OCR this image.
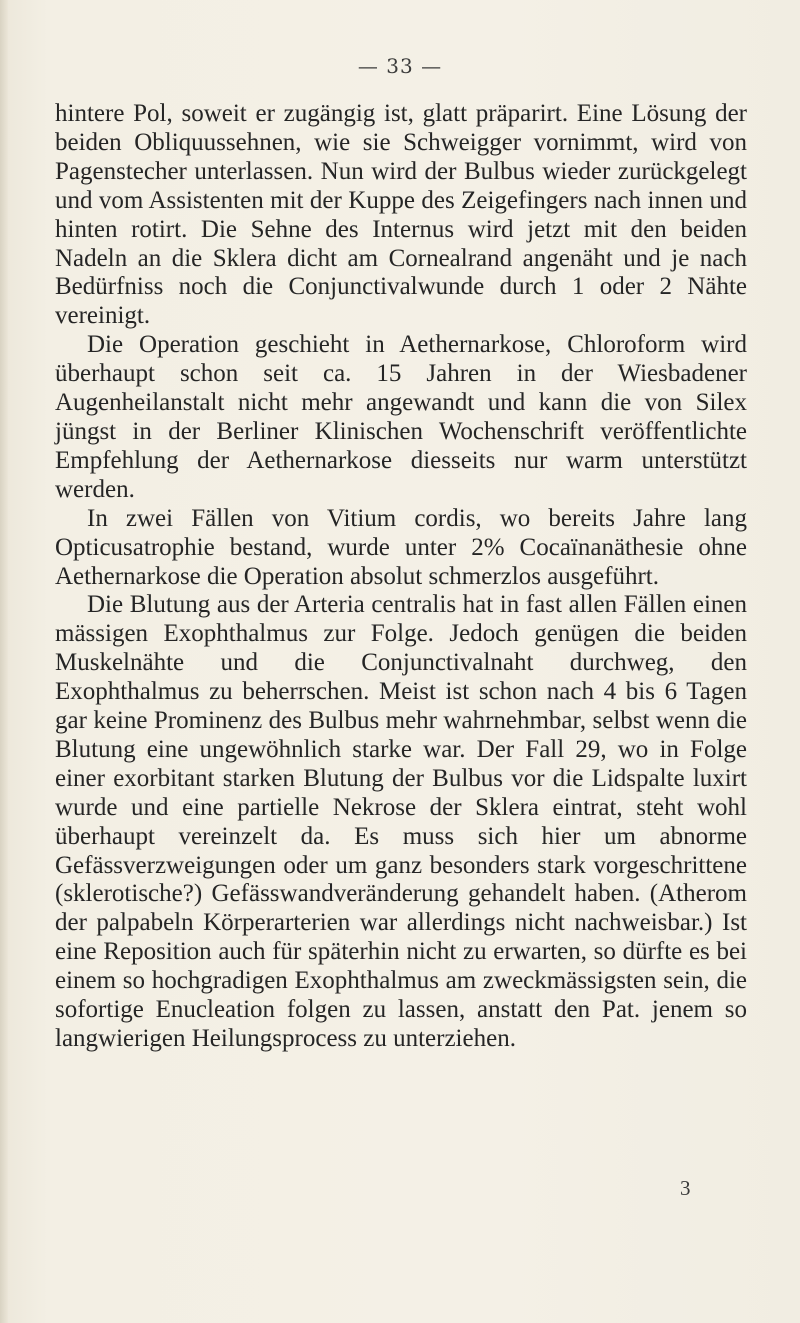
— 33 —

hintere Pol, soweit er zugängig ist, glatt präparirt. Eine Lösung der beiden Obliquussehnen, wie sie Schweigger vornimmt, wird von Pagenstecher unterlassen. Nun wird der Bulbus wieder zurückgelegt und vom Assistenten mit der Kuppe des Zeigefingers nach innen und hinten rotirt. Die Sehne des Internus wird jetzt mit den beiden Nadeln an die Sklera dicht am Cornealrand angenäht und je nach Bedürfniss noch die Conjunctivalwunde durch 1 oder 2 Nähte vereinigt.

Die Operation geschieht in Aethernarkose, Chloroform wird überhaupt schon seit ca. 15 Jahren in der Wiesbadener Augenheilanstalt nicht mehr angewandt und kann die von Silex jüngst in der Berliner Klinischen Wochenschrift veröffentlichte Empfehlung der Aethernarkose diesseits nur warm unterstützt werden.

In zwei Fällen von Vitium cordis, wo bereits Jahre lang Opticusatrophie bestand, wurde unter 2% Cocaïnanäthesie ohne Aethernarkose die Operation absolut schmerzlos ausgeführt.

Die Blutung aus der Arteria centralis hat in fast allen Fällen einen mässigen Exophthalmus zur Folge. Jedoch genügen die beiden Muskelnähte und die Conjunctivalnaht durchweg, den Exophthalmus zu beherrschen. Meist ist schon nach 4 bis 6 Tagen gar keine Prominenz des Bulbus mehr wahrnehmbar, selbst wenn die Blutung eine ungewöhnlich starke war. Der Fall 29, wo in Folge einer exorbitant starken Blutung der Bulbus vor die Lidspalte luxirt wurde und eine partielle Nekrose der Sklera eintrat, steht wohl überhaupt vereinzelt da. Es muss sich hier um abnorme Gefässverzweigungen oder um ganz besonders stark vorgeschrittene (sklerotische?) Gefässwandveränderung gehandelt haben. (Atherom der palpabeln Körperarterien war allerdings nicht nachweisbar.) Ist eine Reposition auch für späterhin nicht zu erwarten, so dürfte es bei einem so hochgradigen Exophthalmus am zweckmässigsten sein, die sofortige Enucleation folgen zu lassen, anstatt den Pat. jenem so langwierigen Heilungsprocess zu unterziehen.

3
